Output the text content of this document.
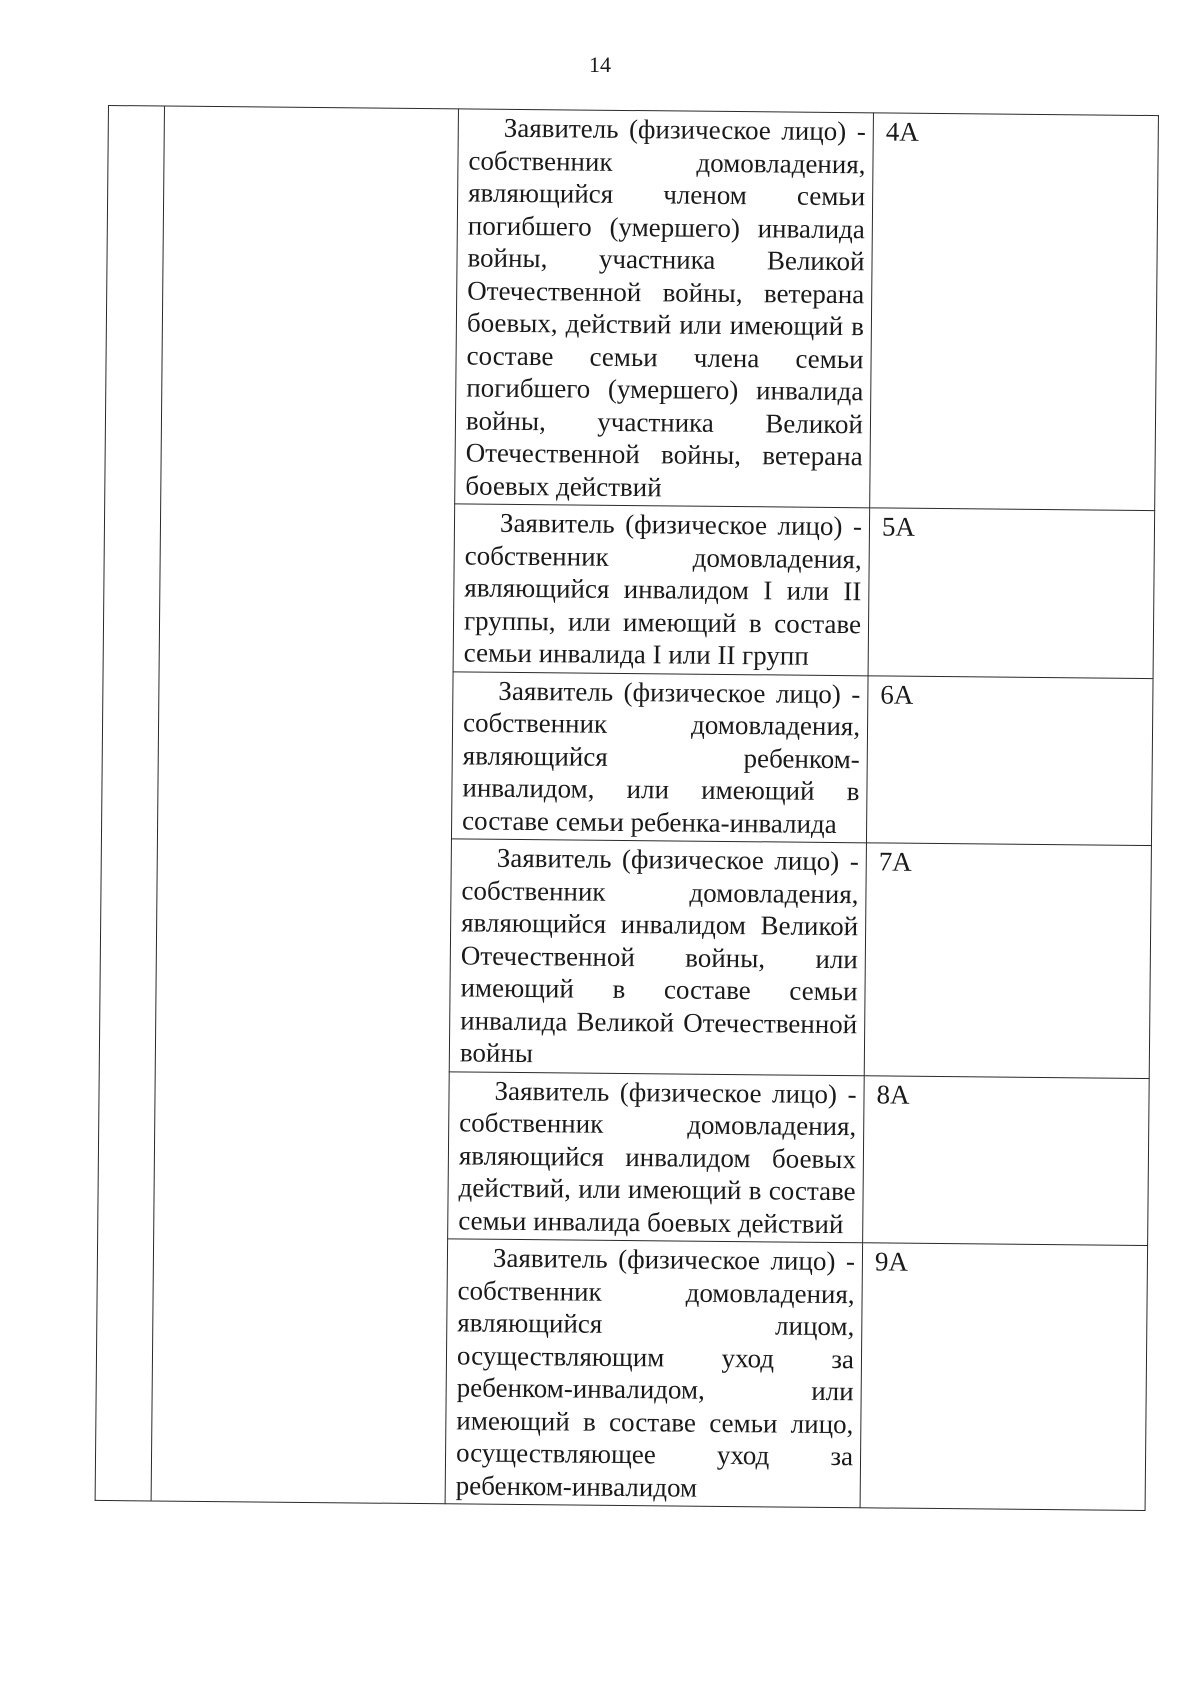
14

		Заявитель (физическое лицо) - собственник домовладения, являющийся членом семьи погибшего (умершего) инвалида войны, участника Великой Отечественной войны, ветерана боевых, действий или имеющий в составе семьи члена семьи погибшего (умершего) инвалида войны, участника Великой Отечественной войны, ветерана боевых действий	4А

		Заявитель (физическое лицо) - собственник домовладения, являющийся инвалидом I или II группы, или имеющий в составе семьи инвалида I или II групп	5А

		Заявитель (физическое лицо) - собственник домовладения, являющийся ребенком-инвалидом, или имеющий в составе семьи ребенка-инвалида	6А

		Заявитель (физическое лицо) - собственник домовладения, являющийся инвалидом Великой Отечественной войны, или имеющий в составе семьи инвалида Великой Отечественной войны	7А

		Заявитель (физическое лицо) - собственник домовладения, являющийся инвалидом боевых действий, или имеющий в составе семьи инвалида боевых действий	8А

		Заявитель (физическое лицо) - собственник домовладения, являющийся лицом, осуществляющим уход за ребенком-инвалидом, или имеющий в составе семьи лицо, осуществляющее уход за ребенком-инвалидом	9А
